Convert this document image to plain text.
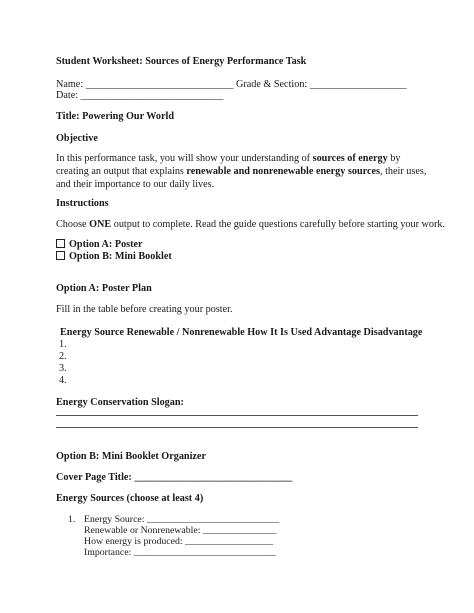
Student Worksheet: Sources of Energy Performance Task
Name: _____________________________ Grade & Section: ___________________
Date: ____________________________
Title: Powering Our World
Objective
In this performance task, you will show your understanding of sources of energy by creating an output that explains renewable and nonrenewable energy sources, their uses, and their importance to our daily lives.
Instructions
Choose ONE output to complete. Read the guide questions carefully before starting your work.
Option A: Poster
Option B: Mini Booklet
Option A: Poster Plan
Fill in the table before creating your poster.
Energy Source Renewable / Nonrenewable How It Is Used Advantage Disadvantage
1.
2.
3.
4.
Energy Conservation Slogan:
Option B: Mini Booklet Organizer
Cover Page Title: _______________________________
Energy Sources (choose at least 4)
1. Energy Source: ___________________________
Renewable or Nonrenewable: _______________
How energy is produced: __________________
Importance: _____________________________
